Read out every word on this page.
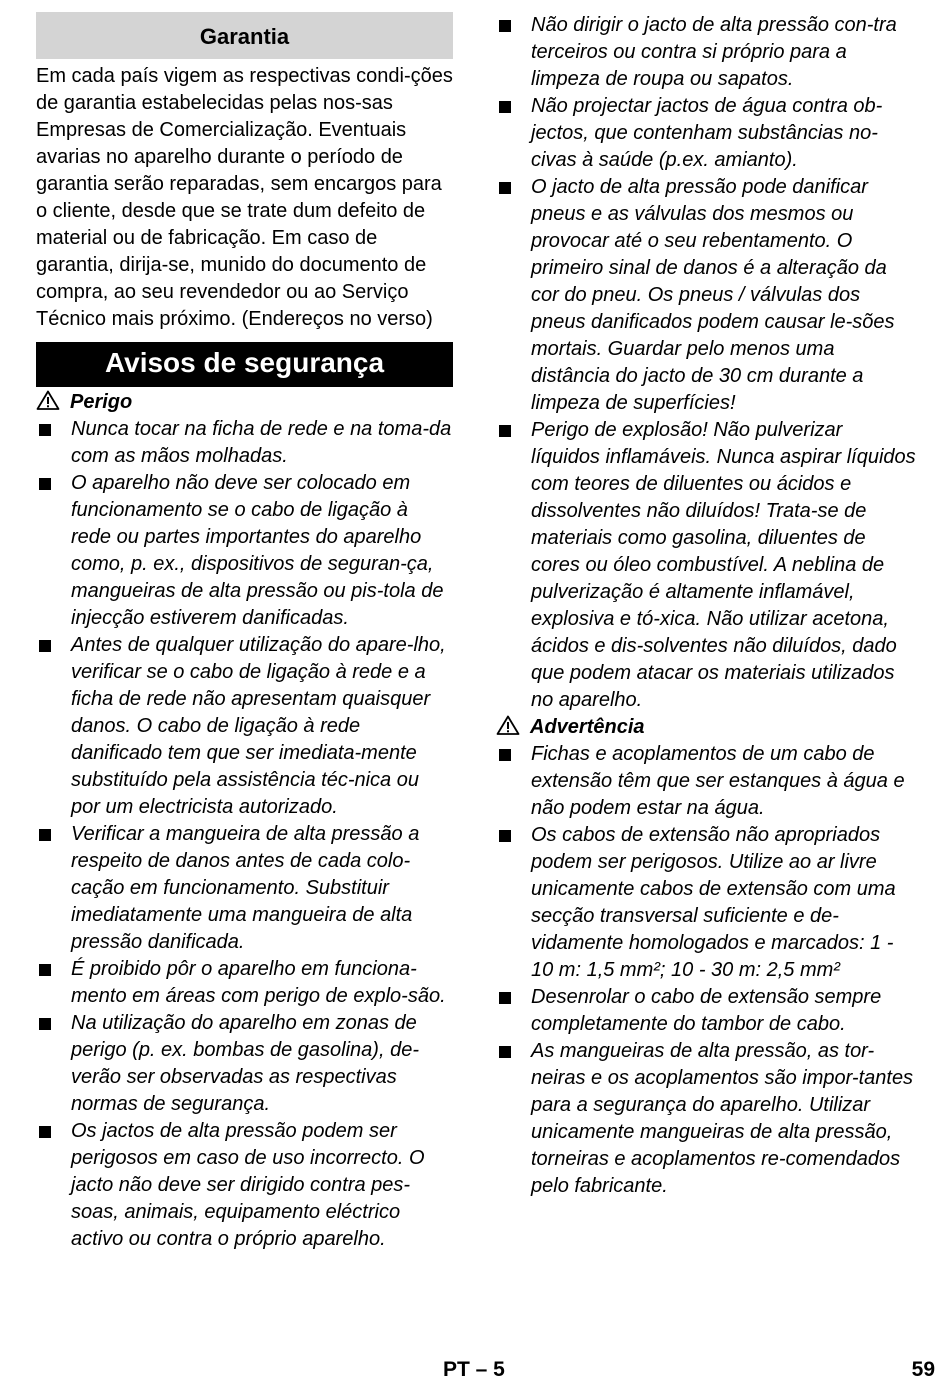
Garantia
Em cada país vigem as respectivas condi-ções de garantia estabelecidas pelas nos-sas Empresas de Comercialização. Eventuais avarias no aparelho durante o período de garantia serão reparadas, sem encargos para o cliente, desde que se trate dum defeito de material ou de fabricação. Em caso de garantia, dirija-se, munido do documento de compra, ao seu revendedor ou ao Serviço Técnico mais próximo. (Endereços no verso)
Avisos de segurança
Perigo
Nunca tocar na ficha de rede e na toma-da com as mãos molhadas.
O aparelho não deve ser colocado em funcionamento se o cabo de ligação à rede ou partes importantes do aparelho como, p. ex., dispositivos de seguran-ça, mangueiras de alta pressão ou pis-tola de injecção estiverem danificadas.
Antes de qualquer utilização do apare-lho, verificar se o cabo de ligação à rede e a ficha de rede não apresentam quaisquer danos. O cabo de ligação à rede danificado tem que ser imediata-mente substituído pela assistência téc-nica ou por um electricista autorizado.
Verificar a mangueira de alta pressão a respeito de danos antes de cada colo-cação em funcionamento. Substituir imediatamente uma mangueira de alta pressão danificada.
É proibido pôr o aparelho em funciona-mento em áreas com perigo de explo-são.
Na utilização do aparelho em zonas de perigo (p. ex. bombas de gasolina), de-verão ser observadas as respectivas normas de segurança.
Os jactos de alta pressão podem ser perigosos em caso de uso incorrecto. O jacto não deve ser dirigido contra pes-soas, animais, equipamento eléctrico activo ou contra o próprio aparelho.
Não dirigir o jacto de alta pressão con-tra terceiros ou contra si próprio para a limpeza de roupa ou sapatos.
Não projectar jactos de água contra ob-jectos, que contenham substâncias no-civas à saúde (p.ex. amianto).
O jacto de alta pressão pode danificar pneus e as válvulas dos mesmos ou provocar até o seu rebentamento. O primeiro sinal de danos é a alteração da cor do pneu. Os pneus / válvulas dos pneus danificados podem causar le-sões mortais. Guardar pelo menos uma distância do jacto de 30 cm durante a limpeza de superfícies!
Perigo de explosão! Não pulverizar líquidos inflamáveis. Nunca aspirar líquidos com teores de diluentes ou ácidos e dissolventes não diluídos! Trata-se de materiais como gasolina, diluentes de cores ou óleo combustível. A neblina de pulverização é altamente inflamável, explosiva e tó-xica. Não utilizar acetona, ácidos e dis-solventes não diluídos, dado que podem atacar os materiais utilizados no aparelho.
Advertência
Fichas e acoplamentos de um cabo de extensão têm que ser estanques à água e não podem estar na água.
Os cabos de extensão não apropriados podem ser perigosos. Utilize ao ar livre unicamente cabos de extensão com uma secção transversal suficiente e de-vidamente homologados e marcados: 1 - 10 m: 1,5 mm²; 10 - 30 m: 2,5 mm²
Desenrolar o cabo de extensão sempre completamente do tambor de cabo.
As mangueiras de alta pressão, as tor-neiras e os acoplamentos são impor-tantes para a segurança do aparelho. Utilizar unicamente mangueiras de alta pressão, torneiras e acoplamentos re-comendados pelo fabricante.
PT – 5	59
